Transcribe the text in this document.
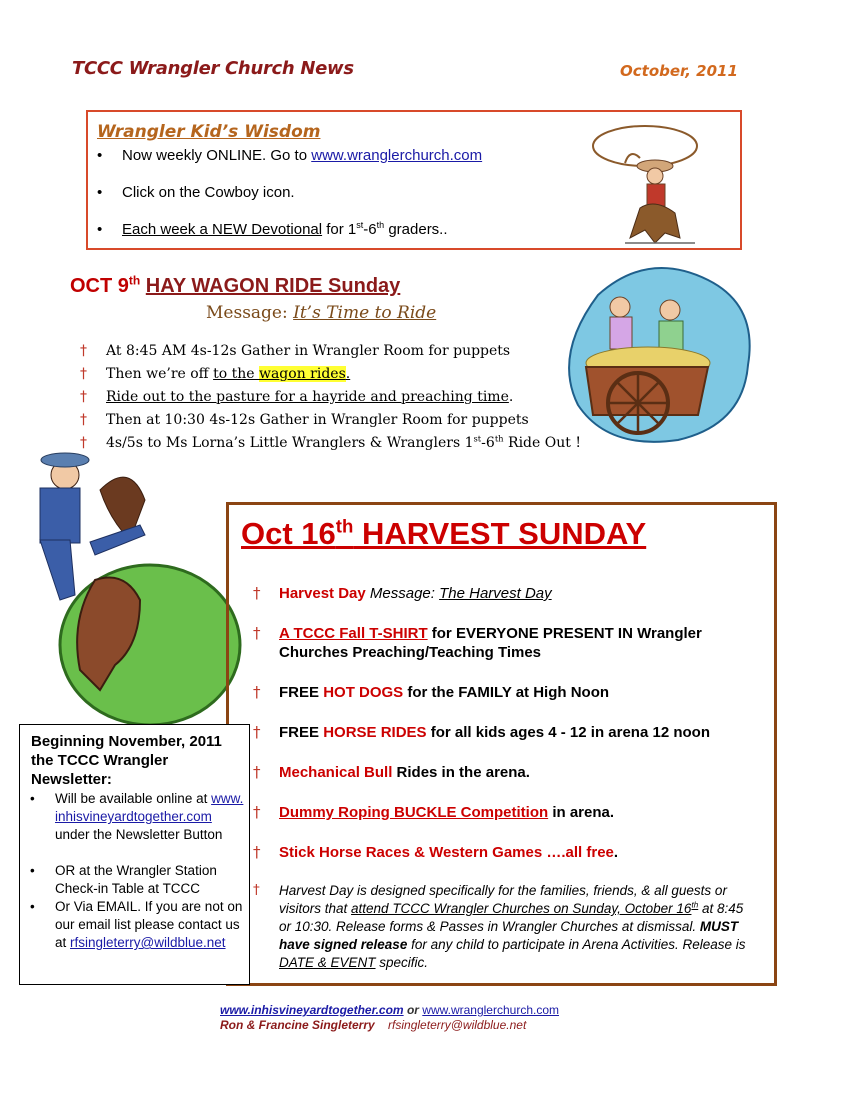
TCCC Wrangler Church News	October, 2011
Wrangler Kid’s Wisdom
• Now weekly ONLINE. Go to www.wranglerchurch.com
• Click on the Cowboy icon.
• Each week a NEW Devotional for 1st-6th graders..
OCT 9th HAY WAGON RIDE Sunday
Message: It’s Time to Ride
† At 8:45 AM 4s-12s Gather in Wrangler Room for puppets
† Then we’re off to the wagon rides.
† Ride out to the pasture for a hayride and preaching time.
† Then at 10:30 4s-12s Gather in Wrangler Room for puppets
† 4s/5s to Ms Lorna’s Little Wranglers & Wranglers 1st-6th Ride Out !
Oct 16th HARVEST SUNDAY
†	Harvest Day Message: The Harvest Day
†	A TCCC Fall T-SHIRT for EVERYONE PRESENT IN Wrangler Churches Preaching/Teaching Times
†	FREE HOT DOGS for the FAMILY at High Noon
†	FREE HORSE RIDES for all kids ages 4 - 12 in arena 12 noon
†	Mechanical Bull Rides in the arena.
†	Dummy Roping BUCKLE Competition in arena.
†	Stick Horse Races & Western Games ….all free.
†	Harvest Day is designed specifically for the families, friends, & all guests or visitors that attend TCCC Wrangler Churches on Sunday, October 16th at 8:45 or 10:30. Release forms & Passes in Wrangler Churches at dismissal. MUST have signed release for any child to participate in Arena Activities. Release is DATE & EVENT specific.
Beginning November, 2011 the TCCC Wrangler Newsletter:
• Will be available online at www.inhisvineyardtogether.com under the Newsletter Button
• OR at the Wrangler Station Check-in Table at TCCC
• Or Via EMAIL. If you are not on our email list please contact us at rfsingleterry@wildblue.net
www.inhisvineyardtogether.com or www.wranglerchurch.com
Ron & Francine Singleterry    rfsingleterry@wildblue.net
